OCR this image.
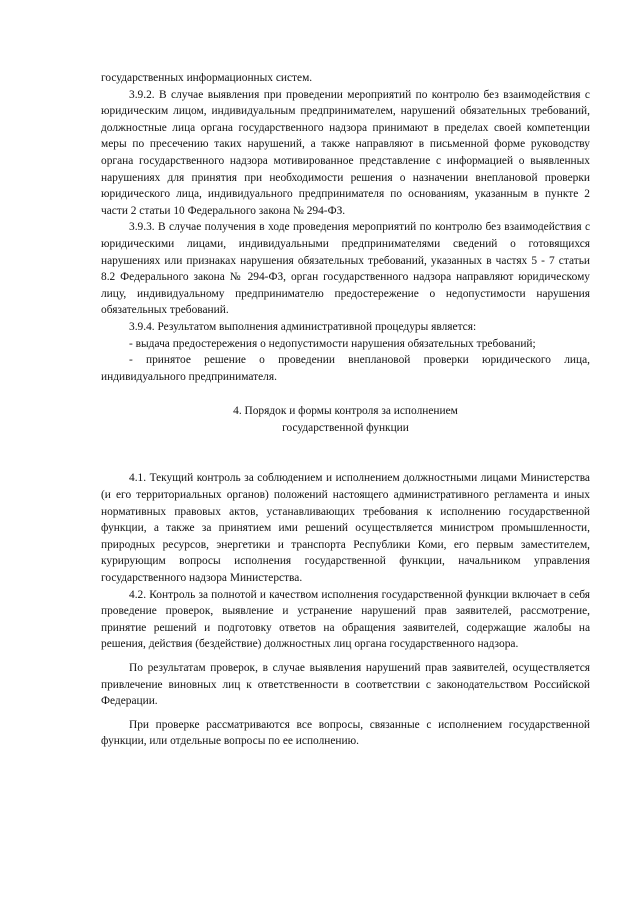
государственных информационных систем.

3.9.2. В случае выявления при проведении мероприятий по контролю без взаимодействия с юридическим лицом, индивидуальным предпринимателем, нарушений обязательных требований, должностные лица органа государственного надзора принимают в пределах своей компетенции меры по пресечению таких нарушений, а также направляют в письменной форме руководству органа государственного надзора мотивированное представление с информацией о выявленных нарушениях для принятия при необходимости решения о назначении внеплановой проверки юридического лица, индивидуального предпринимателя по основаниям, указанным в пункте 2 части 2 статьи 10 Федерального закона № 294-ФЗ.

3.9.3. В случае получения в ходе проведения мероприятий по контролю без взаимодействия с юридическими лицами, индивидуальными предпринимателями сведений о готовящихся нарушениях или признаках нарушения обязательных требований, указанных в частях 5 - 7 статьи 8.2 Федерального закона № 294-ФЗ, орган государственного надзора направляют юридическому лицу, индивидуальному предпринимателю предостережение о недопустимости нарушения обязательных требований.

3.9.4. Результатом выполнения административной процедуры является:

- выдача предостережения о недопустимости нарушения обязательных требований;

- принятое решение о проведении внеплановой проверки юридического лица, индивидуального предпринимателя.

4. Порядок и формы контроля за исполнением
государственной функции

4.1. Текущий контроль за соблюдением и исполнением должностными лицами Министерства (и его территориальных органов) положений настоящего административного регламента и иных нормативных правовых актов, устанавливающих требования к исполнению государственной функции, а также за принятием ими решений осуществляется министром промышленности, природных ресурсов, энергетики и транспорта Республики Коми, его первым заместителем, курирующим вопросы исполнения государственной функции, начальником управления государственного надзора Министерства.

4.2. Контроль за полнотой и качеством исполнения государственной функции включает в себя проведение проверок, выявление и устранение нарушений прав заявителей, рассмотрение, принятие решений и подготовку ответов на обращения заявителей, содержащие жалобы на решения, действия (бездействие) должностных лиц органа государственного надзора.

По результатам проверок, в случае выявления нарушений прав заявителей, осуществляется привлечение виновных лиц к ответственности в соответствии с законодательством Российской Федерации.

При проверке рассматриваются все вопросы, связанные с исполнением государственной функции, или отдельные вопросы по ее исполнению.
